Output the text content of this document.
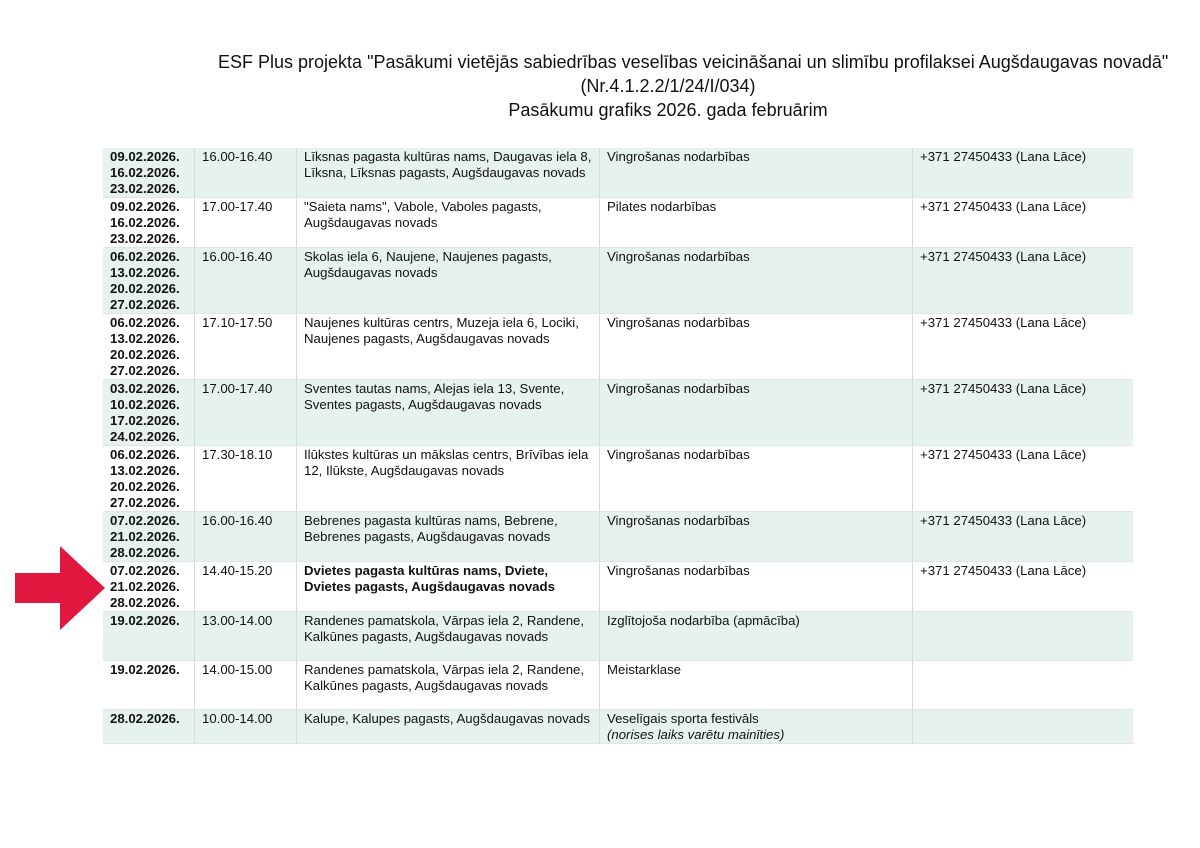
ESF Plus projekta "Pasākumi vietējās sabiedrības veselības veicināšanai un slimību profilaksei Augšdaugavas novadā"
(Nr.4.1.2.2/1/24/I/034)
Pasākumu grafiks 2026. gada februārim
09.02.2026.
16.02.2026.
23.02.2026.	16.00-16.40	Līksnas pagasta kultūras nams, Daugavas iela 8, Līksna, Līksnas pagasts, Augšdaugavas novads	Vingrošanas nodarbības	+371 27450433 (Lana Lāce)

09.02.2026.
16.02.2026.
23.02.2026.	17.00-17.40	"Saieta nams", Vabole, Vaboles pagasts, Augšdaugavas novads	Pilates nodarbības	+371 27450433 (Lana Lāce)

06.02.2026.
13.02.2026.
20.02.2026.
27.02.2026.	16.00-16.40	Skolas iela 6, Naujene, Naujenes pagasts, Augšdaugavas novads	Vingrošanas nodarbības	+371 27450433 (Lana Lāce)

06.02.2026.
13.02.2026.
20.02.2026.
27.02.2026.	17.10-17.50	Naujenes kultūras centrs, Muzeja iela 6, Lociki, Naujenes pagasts, Augšdaugavas novads	Vingrošanas nodarbības	+371 27450433 (Lana Lāce)

03.02.2026.
10.02.2026.
17.02.2026.
24.02.2026.	17.00-17.40	Sventes tautas nams, Alejas iela 13, Svente, Sventes pagasts, Augšdaugavas novads	Vingrošanas nodarbības	+371 27450433 (Lana Lāce)

06.02.2026.
13.02.2026.
20.02.2026.
27.02.2026.	17.30-18.10	Ilūkstes kultūras un mākslas centrs, Brīvības iela 12, Ilūkste, Augšdaugavas novads	Vingrošanas nodarbības	+371 27450433 (Lana Lāce)

07.02.2026.
21.02.2026.
28.02.2026.	16.00-16.40	Bebrenes pagasta kultūras nams, Bebrene, Bebrenes pagasts, Augšdaugavas novads	Vingrošanas nodarbības	+371 27450433 (Lana Lāce)

07.02.2026.
21.02.2026.
28.02.2026.	14.40-15.20	Dvietes pagasta kultūras nams, Dviete, Dvietes pagasts, Augšdaugavas novads	Vingrošanas nodarbības	+371 27450433 (Lana Lāce)

19.02.2026.	13.00-14.00	Randenes pamatskola, Vārpas iela 2, Randene, Kalkūnes pagasts, Augšdaugavas novads	Izglītojoša nodarbība (apmācība)	

19.02.2026.	14.00-15.00	Randenes pamatskola, Vārpas iela 2, Randene, Kalkūnes pagasts, Augšdaugavas novads	Meistarklase	

28.02.2026.	10.00-14.00	Kalupe, Kalupes pagasts, Augšdaugavas novads	Veselīgais sporta festivāls
(norises laiks varētu mainīties)	
